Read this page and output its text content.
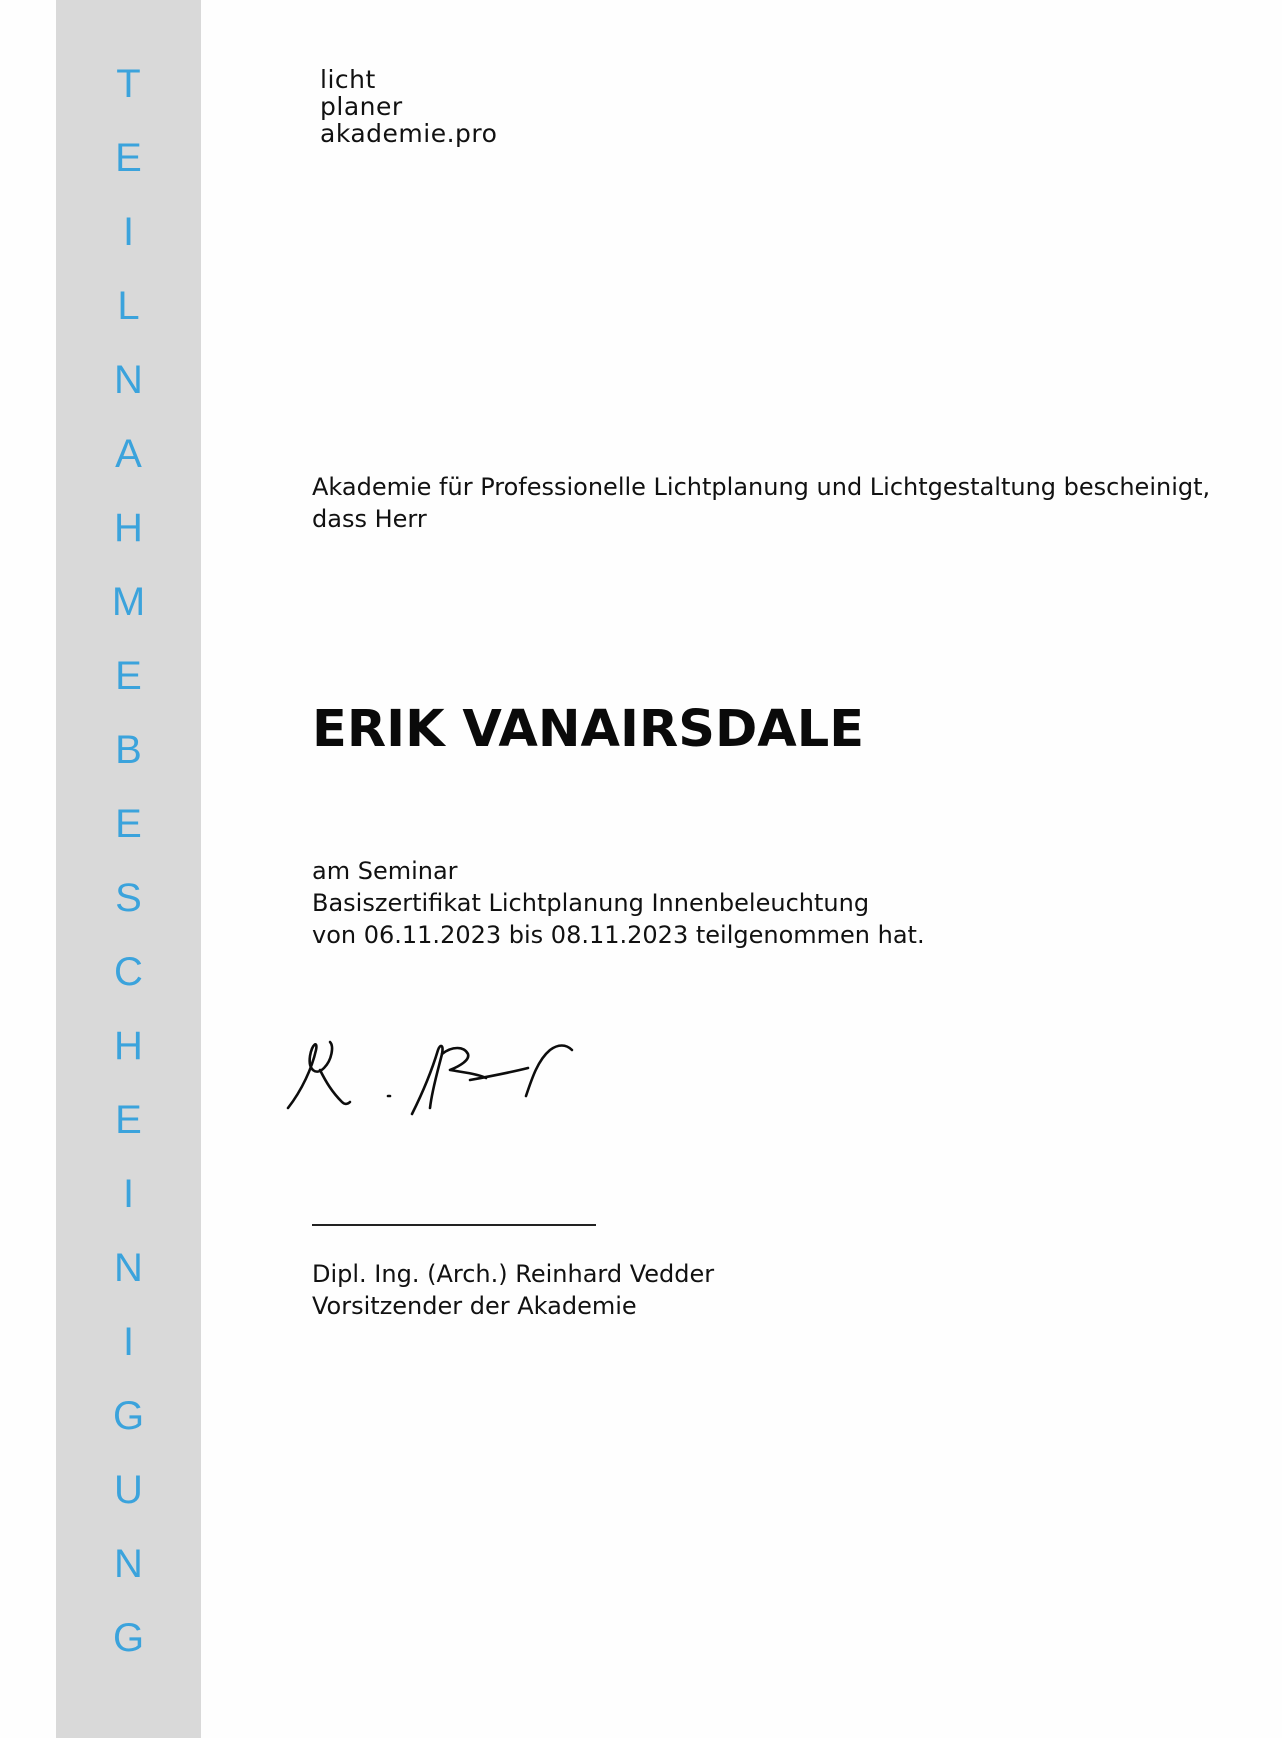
T
E
I
L
N
A
H
M
E
B
E
S
C
H
E
I
N
I
G
U
N
G
licht
planer
akademie.pro
Akademie für Professionelle Lichtplanung und Lichtgestaltung bescheinigt,
dass Herr
ERIK VANAIRSDALE
am Seminar
Basiszertifikat Lichtplanung Innenbeleuchtung
von 06.11.2023 bis 08.11.2023 teilgenommen hat.
Dipl. Ing. (Arch.) Reinhard Vedder
Vorsitzender der Akademie
